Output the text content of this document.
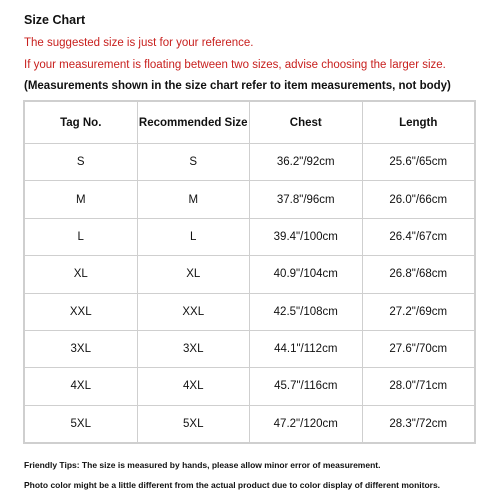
Size Chart
The suggested size is just for your reference.
If your measurement is floating between two sizes, advise choosing the larger size.
(Measurements shown in the size chart refer to item measurements, not body)
Tag No.	Recommended Size	Chest	Length
S	S	36.2"/92cm	25.6"/65cm
M	M	37.8"/96cm	26.0"/66cm
L	L	39.4"/100cm	26.4"/67cm
XL	XL	40.9"/104cm	26.8"/68cm
XXL	XXL	42.5"/108cm	27.2"/69cm
3XL	3XL	44.1"/112cm	27.6"/70cm
4XL	4XL	45.7"/116cm	28.0"/71cm
5XL	5XL	47.2"/120cm	28.3"/72cm
Friendly Tips: The size is measured by hands, please allow minor error of measurement.
Photo color might be a little different from the actual product due to color display of different monitors.
